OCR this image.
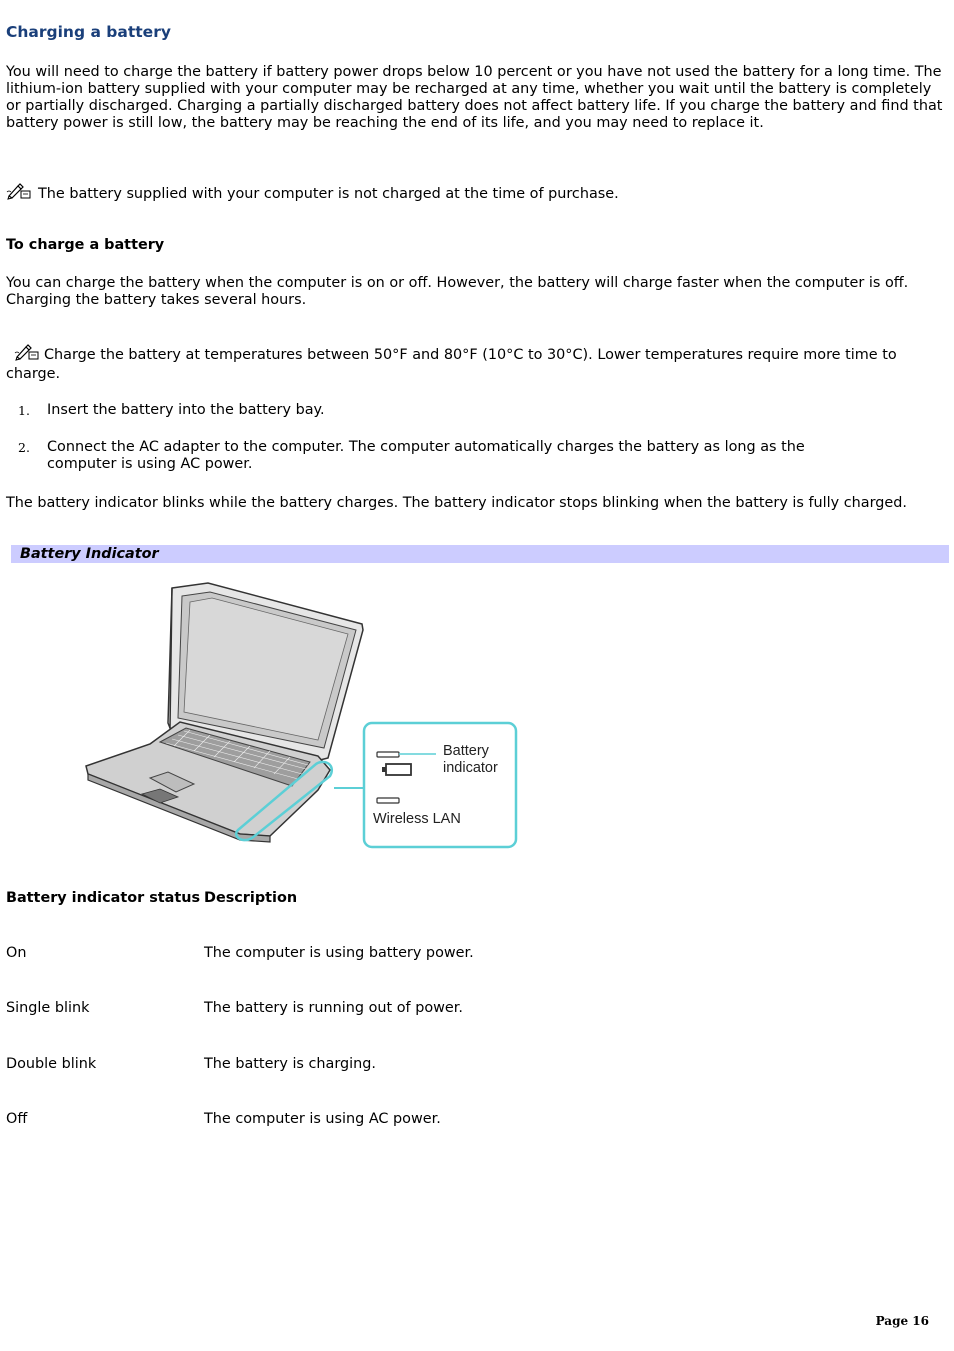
Charging a battery

You will need to charge the battery if battery power drops below 10 percent or you have not used the battery for a long time. The lithium-ion battery supplied with your computer may be recharged at any time, whether you wait until the battery is completely or partially discharged. Charging a partially discharged battery does not affect battery life. If you charge the battery and find that battery power is still low, the battery may be reaching the end of its life, and you may need to replace it.

The battery supplied with your computer is not charged at the time of purchase.
To charge a battery

You can charge the battery when the computer is on or off. However, the battery will charge faster when the computer is off. Charging the battery takes several hours.

Charge the battery at temperatures between 50°F and 80°F (10°C to 30°C). Lower temperatures require more time to charge.
1. Insert the battery into the battery bay.
2. Connect the AC adapter to the computer. The computer automatically charges the battery as long as the computer is using AC power.

The battery indicator blinks while the battery charges. The battery indicator stops blinking when the battery is fully charged.

Battery Indicator
Battery
indicator
Wireless LAN
Battery indicator status Description
On	The computer is using battery power.
Single blink	The battery is running out of power.
Double blink	The battery is charging.
Off	The computer is using AC power.
Page 16
